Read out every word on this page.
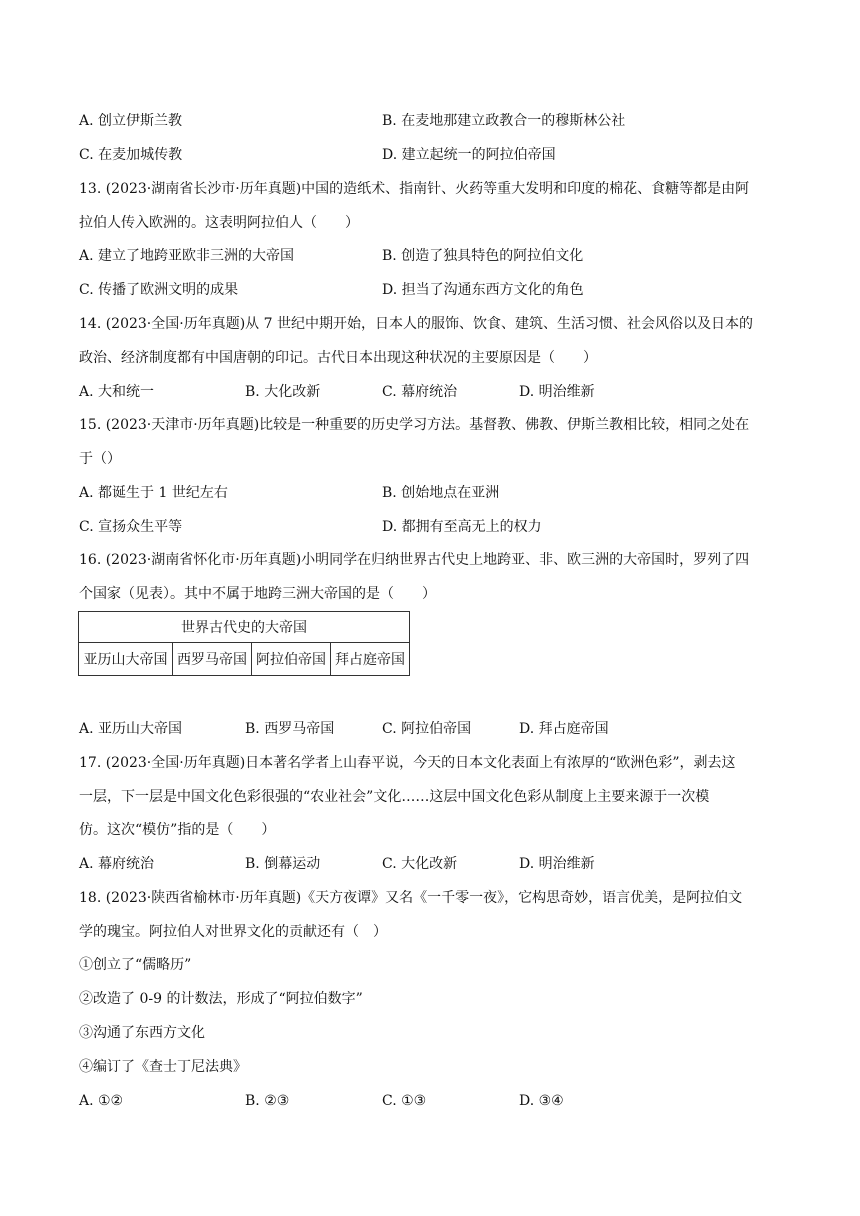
A. 创立伊斯兰教	B. 在麦地那建立政教合一的穆斯林公社
C. 在麦加城传教	D. 建立起统一的阿拉伯帝国
13. (2023·湖南省长沙市·历年真题)中国的造纸术、指南针、火药等重大发明和印度的棉花、食糖等都是由阿
拉伯人传入欧洲的。这表明阿拉伯人（　　）
A. 建立了地跨亚欧非三洲的大帝国	B. 创造了独具特色的阿拉伯文化
C. 传播了欧洲文明的成果	D. 担当了沟通东西方文化的角色
14. (2023·全国·历年真题)从 7 世纪中期开始，日本人的服饰、饮食、建筑、生活习惯、社会风俗以及日本的
政治、经济制度都有中国唐朝的印记。古代日本出现这种状况的主要原因是（　　）
A. 大和统一	B. 大化改新	C. 幕府统治	D. 明治维新
15. (2023·天津市·历年真题)比较是一种重要的历史学习方法。基督教、佛教、伊斯兰教相比较，相同之处在
于（）
A. 都诞生于 1 世纪左右	B. 创始地点在亚洲
C. 宣扬众生平等	D. 都拥有至高无上的权力
16. (2023·湖南省怀化市·历年真题)小明同学在归纳世界古代史上地跨亚、非、欧三洲的大帝国时，罗列了四
个国家（见表）。其中不属于地跨三洲大帝国的是（　　）
世界古代史的大帝国
亚历山大帝国	西罗马帝国	阿拉伯帝国	拜占庭帝国
A. 亚历山大帝国	B. 西罗马帝国	C. 阿拉伯帝国	D. 拜占庭帝国
17. (2023·全国·历年真题)日本著名学者上山春平说，今天的日本文化表面上有浓厚的“欧洲色彩”，剥去这
一层，下一层是中国文化色彩很强的“农业社会”文化……这层中国文化色彩从制度上主要来源于一次模
仿。这次“模仿”指的是（　　）
A. 幕府统治	B. 倒幕运动	C. 大化改新	D. 明治维新
18. (2023·陕西省榆林市·历年真题)《天方夜谭》又名《一千零一夜》，它构思奇妙，语言优美，是阿拉伯文
学的瑰宝。阿拉伯人对世界文化的贡献还有（　）
①创立了“儒略历”
②改造了 0-9 的计数法，形成了“阿拉伯数字”
③沟通了东西方文化
④编订了《查士丁尼法典》
A. ①②	B. ②③	C. ①③	D. ③④
